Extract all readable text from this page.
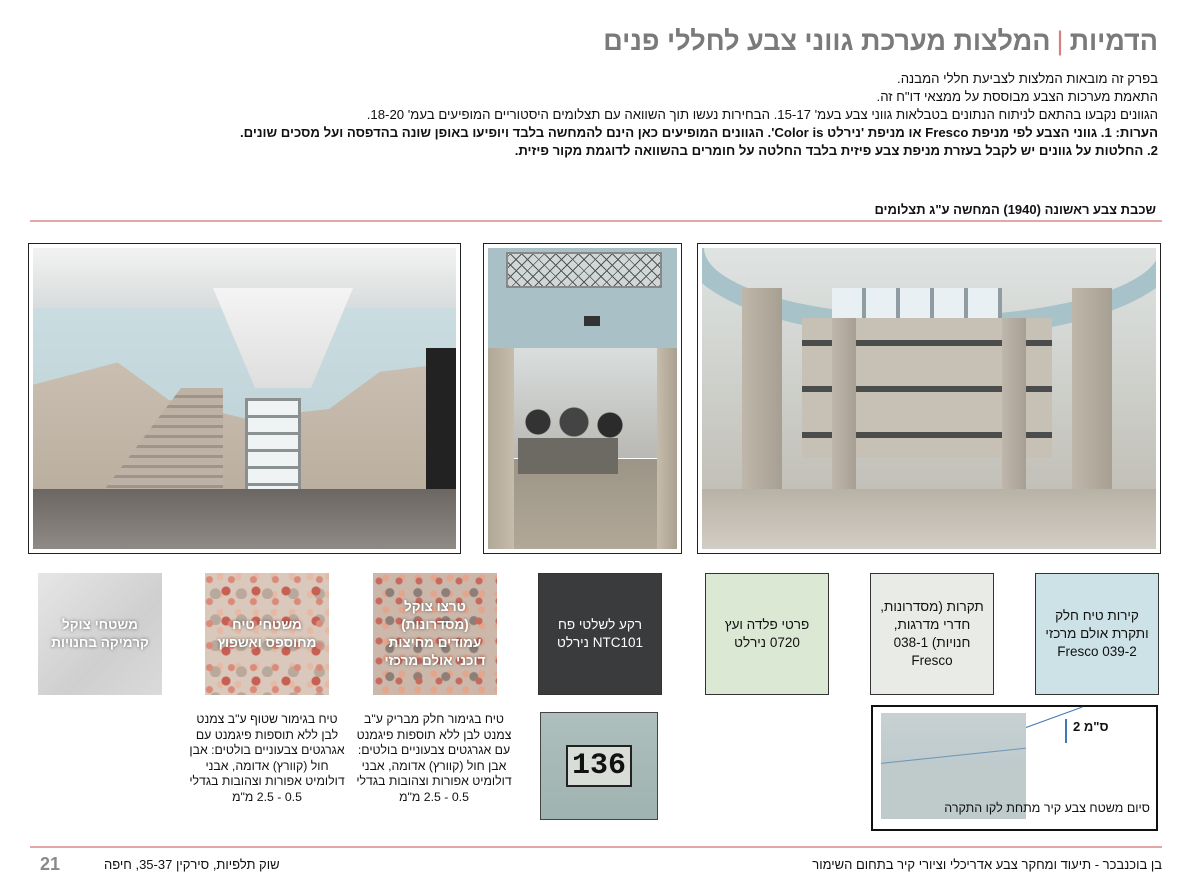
הדמיות|המלצות מערכת גווני צבע לחללי פנים

בפרק זה מובאות המלצות לצביעת חללי המבנה.

התאמת מערכות הצבע מבוססת על ממצאי דו"ח זה.

הגוונים נקבעו בהתאם לניתוח הנתונים בטבלאות גווני צבע בעמ' 15-17. הבחירות נעשו תוך השוואה עם תצלומים היסטוריים המופיעים בעמ' 18-20.

הערות: 1. גווני הצבע לפי מניפת Fresco או מניפת 'נירלט Color is'. הגוונים המופיעים כאן הינם להמחשה בלבד ויופיעו באופן שונה בהדפסה ועל מסכים שונים.

2. החלטות על גוונים יש לקבל בעזרת מניפת צבע פיזית בלבד החלטה על חומרים בהשוואה לדוגמת מקור פיזית.

שכבת צבע ראשונה (1940) המחשה ע"ג תצלומים
קירות טיח חלק ותקרת אולם מרכזי 039-2 Fresco
תקרות (מסדרונות, חדרי מדרגות, חנויות) 038-1 Fresco
פרטי פלדה ועץ 0720 נירלט
רקע לשלטי פח NTC101 נירלט
טרצו צוקל (מסדרונות) עמודים מחיצות דוכני אולם מרכזי
משטחי טיח מחוספס ואשפוץ
משטחי צוקל קרמיקה בחנויות
טיח בגימור חלק מבריק ע"ב צמנט לבן ללא תוספות פיגמנט עם אגרגטים צבעוניים בולטים: אבן חול (קוורץ) אדומה, אבני דולומיט אפורות וצהובות בגדלי 0.5 - 2.5 מ"מ
טיח בגימור שטוף ע"ב צמנט לבן ללא תוספות פיגמנט עם אגרגטים צבעוניים בולטים: אבן חול (קוורץ) אדומה, אבני דולומיט אפורות וצהובות בגדלי 0.5 - 2.5 מ"מ
136
2 ס"מ
סיום משטח צבע קיר מתחת לקו התקרה
21	שוק תלפיות, סירקין 35-37, חיפה	בן בוכנבכר - תיעוד ומחקר צבע אדריכלי וציורי קיר בתחום השימור
